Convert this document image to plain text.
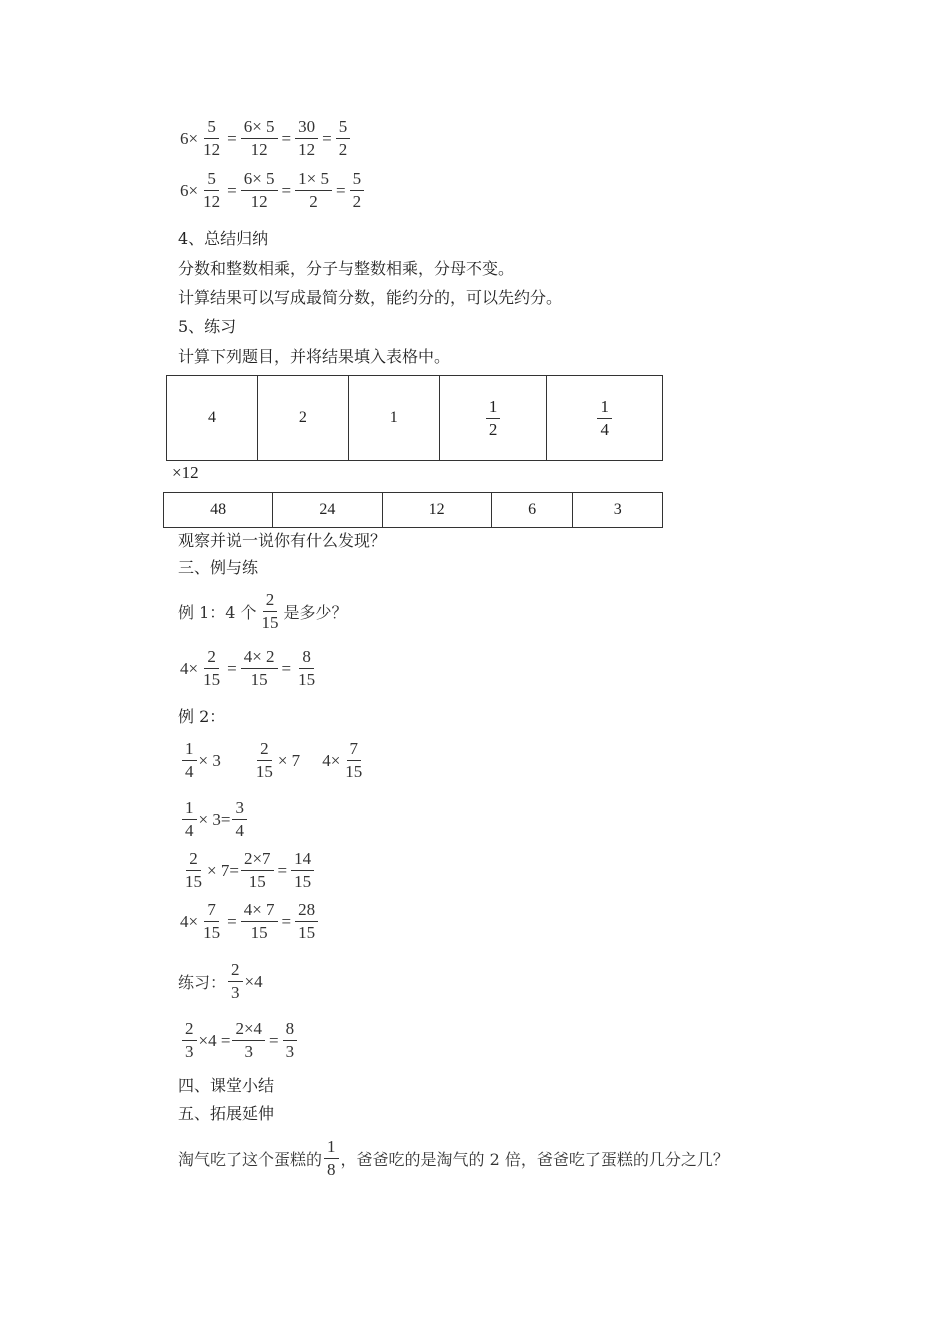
$6\times \frac{5}{12} = \frac{6\times 5}{12} = \frac{30}{12} = \frac{5}{2}$
$6\times \frac{5}{12} = \frac{6\times 5}{12} = \frac{1\times 5}{2} = \frac{5}{2}$
4、总结归纳
分数和整数相乘，分子与整数相乘，分母不变。
计算结果可以写成最简分数，能约分的，可以先约分。
5、练习
计算下列题目，并将结果填入表格中。
4	2	1	$\frac{1}{2}$	$\frac{1}{4}$
×12
48	24	12	6	3
观察并说一说你有什么发现？
三、例与练
例 1：4 个 $\frac{2}{15}$ 是多少？
$4\times \frac{2}{15} = \frac{4\times 2}{15} = \frac{8}{15}$
例 2：
$\frac{1}{4} \times 3 \frac{2}{15} \times 7$ $4\times \frac{7}{15}$
$\frac{1}{4} \times 3= \frac{3}{4}$
$\frac{2}{15} \times 7= \frac{2\times 7}{15} = \frac{14}{15}$
$4\times \frac{7}{15} = \frac{4\times 7}{15} = \frac{28}{15}$
练习： $\frac{2}{3} \times 4$
$\frac{2}{3} \times 4 = \frac{2\times 4}{3} = \frac{8}{3}$
四、课堂小结
五、拓展延伸
淘气吃了这个蛋糕的 $\frac{1}{8}$ ，爸爸吃的是淘气的 2 倍，爸爸吃了蛋糕的几分之几？
